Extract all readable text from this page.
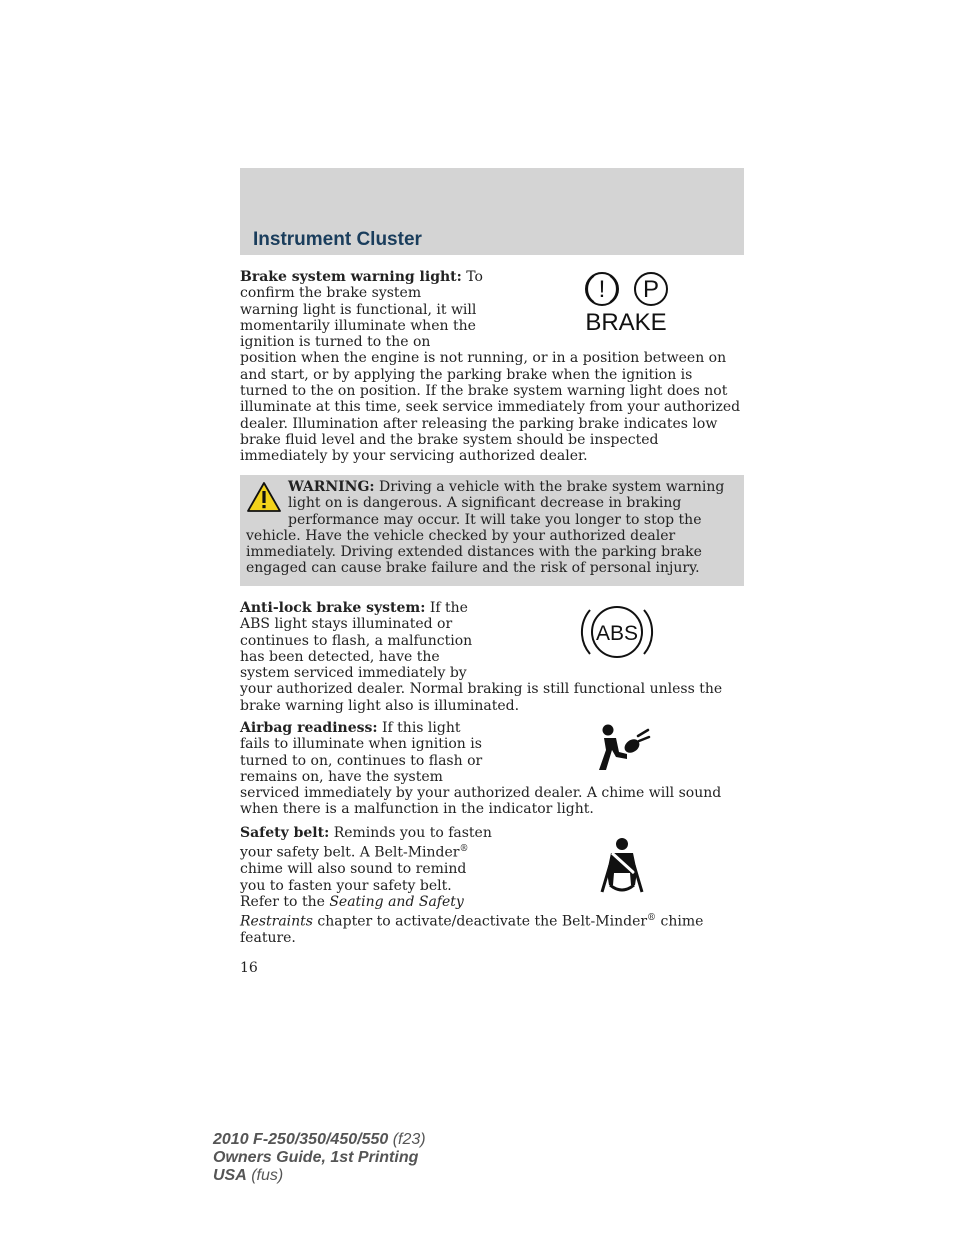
Instrument Cluster

Brake system warning light: To confirm the brake system warning light is functional, it will momentarily illuminate when the ignition is turned to the on position when the engine is not running, or in a position between on and start, or by applying the parking brake when the ignition is turned to the on position. If the brake system warning light does not illuminate at this time, seek service immediately from your authorized dealer. Illumination after releasing the parking brake indicates low brake fluid level and the brake system should be inspected immediately by your servicing authorized dealer.

! P
BRAKE

WARNING: Driving a vehicle with the brake system warning light on is dangerous. A significant decrease in braking performance may occur. It will take you longer to stop the vehicle. Have the vehicle checked by your authorized dealer immediately. Driving extended distances with the parking brake engaged can cause brake failure and the risk of personal injury.

Anti-lock brake system: If the ABS light stays illuminated or continues to flash, a malfunction has been detected, have the system serviced immediately by your authorized dealer. Normal braking is still functional unless the brake warning light also is illuminated.

ABS

Airbag readiness: If this light fails to illuminate when ignition is turned to on, continues to flash or remains on, have the system serviced immediately by your authorized dealer. A chime will sound when there is a malfunction in the indicator light.

Safety belt: Reminds you to fasten your safety belt. A Belt-Minder® chime will also sound to remind you to fasten your safety belt. Refer to the Seating and Safety Restraints chapter to activate/deactivate the Belt-Minder® chime feature.

16
2010 F-250/350/450/550 (f23)
Owners Guide, 1st Printing
USA (fus)
